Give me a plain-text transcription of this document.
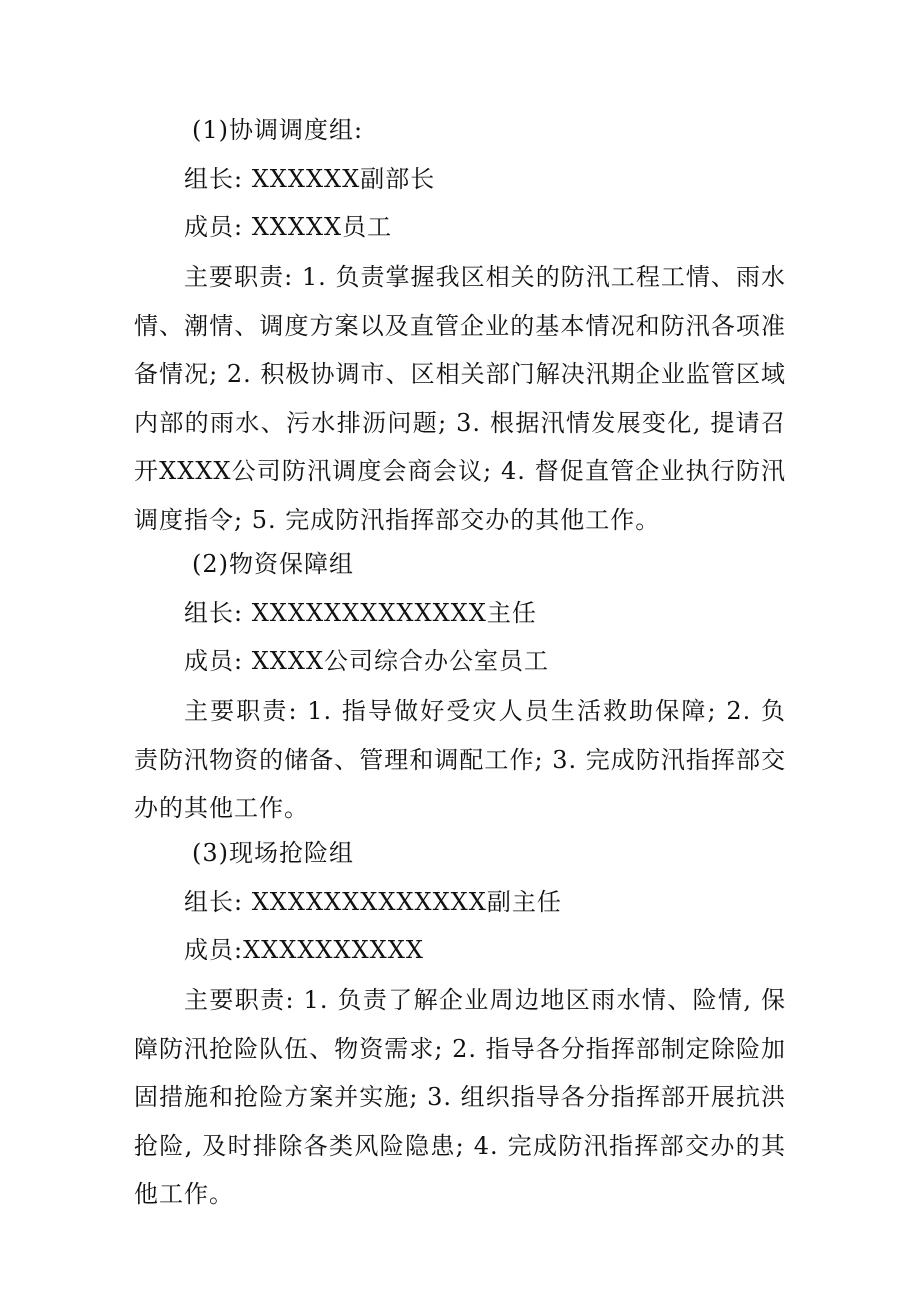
(1)协调调度组:
组长: XXXXXX副部长
成员: XXXXX员工
主要职责: 1. 负责掌握我区相关的防汛工程工情、雨水情、潮情、调度方案以及直管企业的基本情况和防汛各项准备情况; 2. 积极协调市、区相关部门解决汛期企业监管区域内部的雨水、污水排沥问题; 3. 根据汛情发展变化, 提请召开XXXX公司防汛调度会商会议; 4. 督促直管企业执行防汛调度指令; 5. 完成防汛指挥部交办的其他工作。
(2)物资保障组
组长: XXXXXXXXXXXXX主任
成员: XXXX公司综合办公室员工
主要职责: 1. 指导做好受灾人员生活救助保障; 2. 负责防汛物资的储备、管理和调配工作; 3. 完成防汛指挥部交办的其他工作。
(3)现场抢险组
组长: XXXXXXXXXXXXX副主任
成员:XXXXXXXXXX
主要职责: 1. 负责了解企业周边地区雨水情、险情, 保障防汛抢险队伍、物资需求; 2. 指导各分指挥部制定除险加固措施和抢险方案并实施; 3. 组织指导各分指挥部开展抗洪抢险, 及时排除各类风险隐患; 4. 完成防汛指挥部交办的其他工作。
